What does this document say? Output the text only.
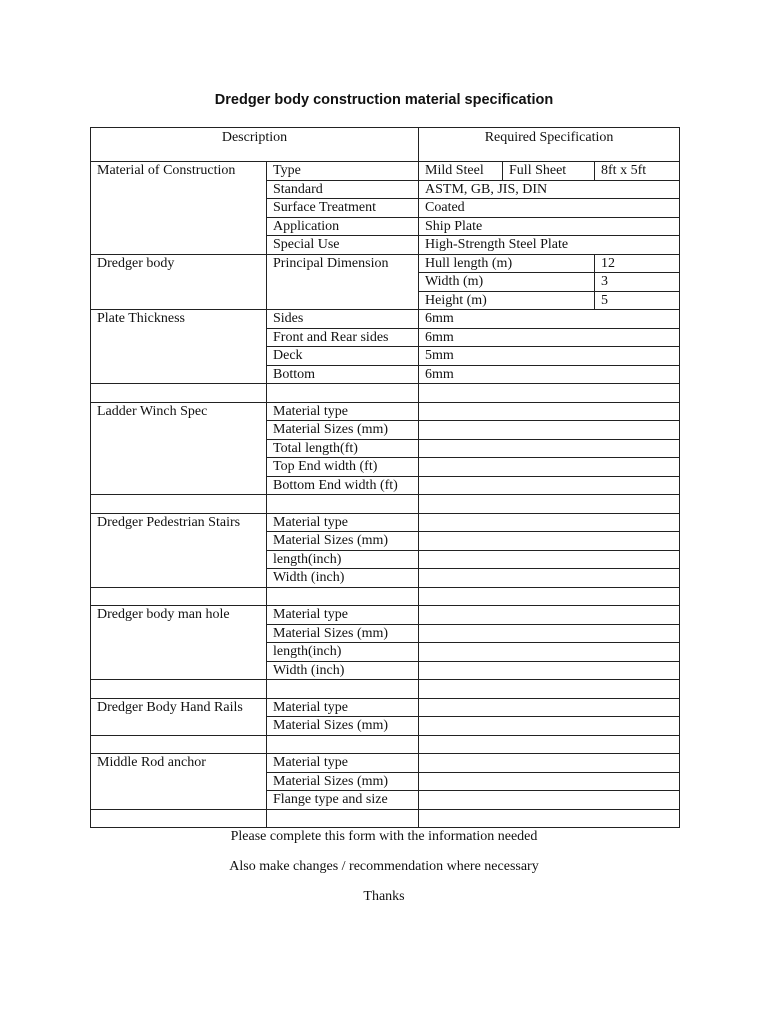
Dredger body construction material specification
Description		Required Specification		
Material of Construction	Type	Mild Steel	Full Sheet	8ft x 5ft
	Standard	ASTM, GB, JIS, DIN		
	Surface Treatment	Coated		
	Application	Ship Plate		
	Special Use	High-Strength Steel Plate		
Dredger body	Principal Dimension	Hull length (m)		12
		Width (m)		3
		Height (m)		5
Plate Thickness	Sides	6mm		
	Front and Rear sides	6mm		
	Deck	5mm		
	Bottom	6mm		

Ladder Winch Spec	Material type			
	Material Sizes (mm)			
	Total length(ft)			
	Top End width (ft)			
	Bottom End width (ft)			

Dredger Pedestrian Stairs	Material type			
	Material Sizes (mm)			
	length(inch)			
	Width (inch)			

Dredger body man hole	Material type			
	Material Sizes (mm)			
	length(inch)			
	Width (inch)			

Dredger Body Hand Rails	Material type			
	Material Sizes (mm)			

Middle Rod anchor	Material type			
	Material Sizes (mm)			
	Flange type and size			

Please complete this form with the information needed
Also make changes / recommendation where necessary
Thanks
